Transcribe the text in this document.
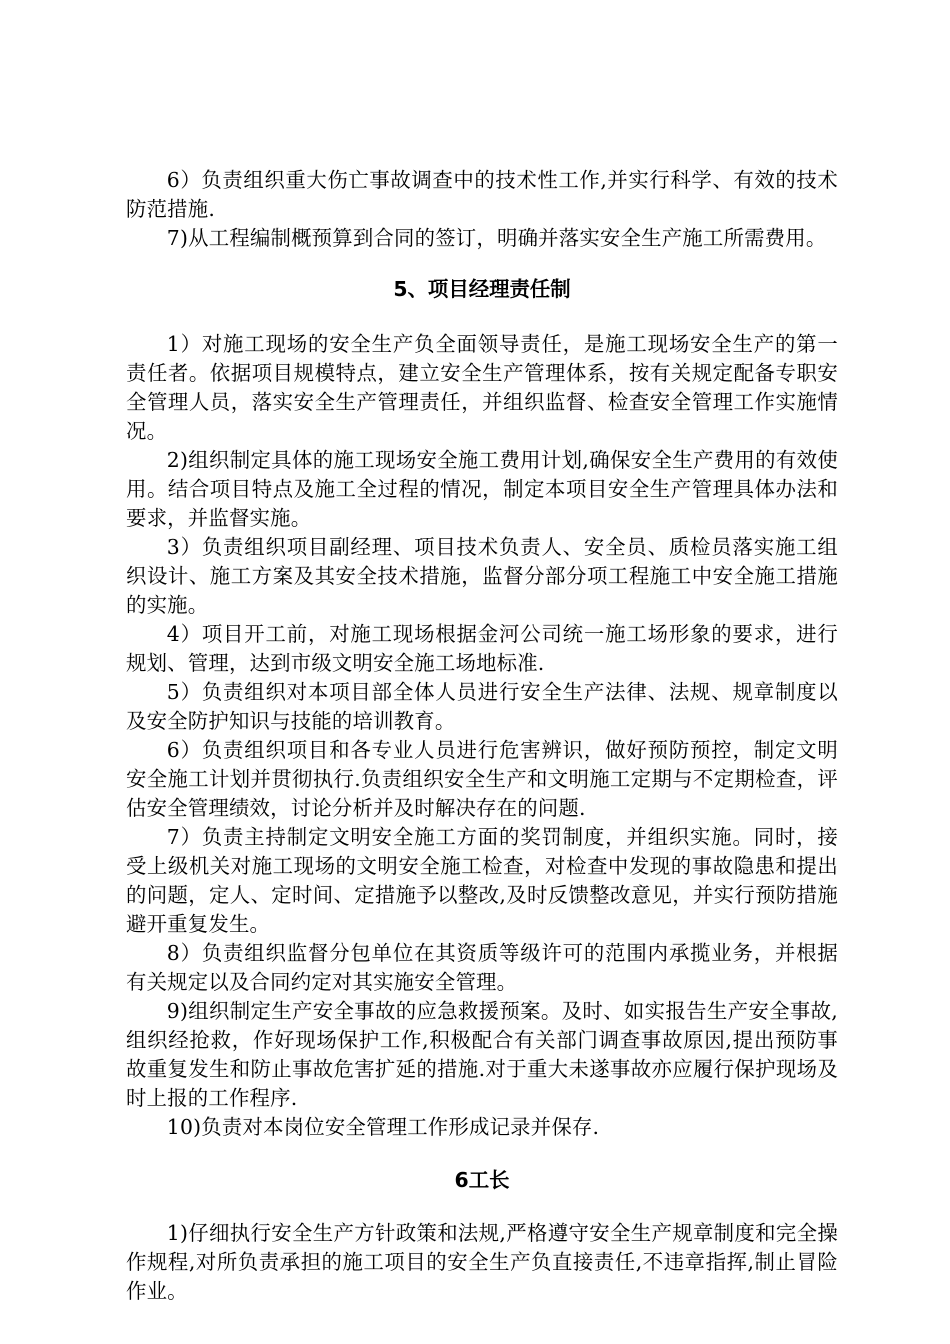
6）负责组织重大伤亡事故调查中的技术性工作,并实行科学、有效的技术防范措施.

7)从工程编制概预算到合同的签订，明确并落实安全生产施工所需费用。

5、项目经理责任制

1）对施工现场的安全生产负全面领导责任，是施工现场安全生产的第一责任者。依据项目规模特点，建立安全生产管理体系，按有关规定配备专职安全管理人员，落实安全生产管理责任，并组织监督、检查安全管理工作实施情况。

2)组织制定具体的施工现场安全施工费用计划,确保安全生产费用的有效使用。结合项目特点及施工全过程的情况，制定本项目安全生产管理具体办法和要求，并监督实施。

3）负责组织项目副经理、项目技术负责人、安全员、质检员落实施工组织设计、施工方案及其安全技术措施，监督分部分项工程施工中安全施工措施的实施。

4）项目开工前，对施工现场根据金河公司统一施工场形象的要求，进行规划、管理，达到市级文明安全施工场地标准.

5）负责组织对本项目部全体人员进行安全生产法律、法规、规章制度以及安全防护知识与技能的培训教育。

6）负责组织项目和各专业人员进行危害辨识，做好预防预控，制定文明安全施工计划并贯彻执行.负责组织安全生产和文明施工定期与不定期检查，评估安全管理绩效，讨论分析并及时解决存在的问题.

7）负责主持制定文明安全施工方面的奖罚制度，并组织实施。同时，接受上级机关对施工现场的文明安全施工检查，对检查中发现的事故隐患和提出的问题，定人、定时间、定措施予以整改,及时反馈整改意见，并实行预防措施避开重复发生。

8）负责组织监督分包单位在其资质等级许可的范围内承揽业务，并根据有关规定以及合同约定对其实施安全管理。

9)组织制定生产安全事故的应急救援预案。及时、如实报告生产安全事故,组织经抢救，作好现场保护工作,积极配合有关部门调查事故原因,提出预防事故重复发生和防止事故危害扩延的措施.对于重大未遂事故亦应履行保护现场及时上报的工作程序.

10)负责对本岗位安全管理工作形成记录并保存.

6工长

1)仔细执行安全生产方针政策和法规,严格遵守安全生产规章制度和完全操作规程,对所负责承担的施工项目的安全生产负直接责任,不违章指挥,制止冒险作业。
